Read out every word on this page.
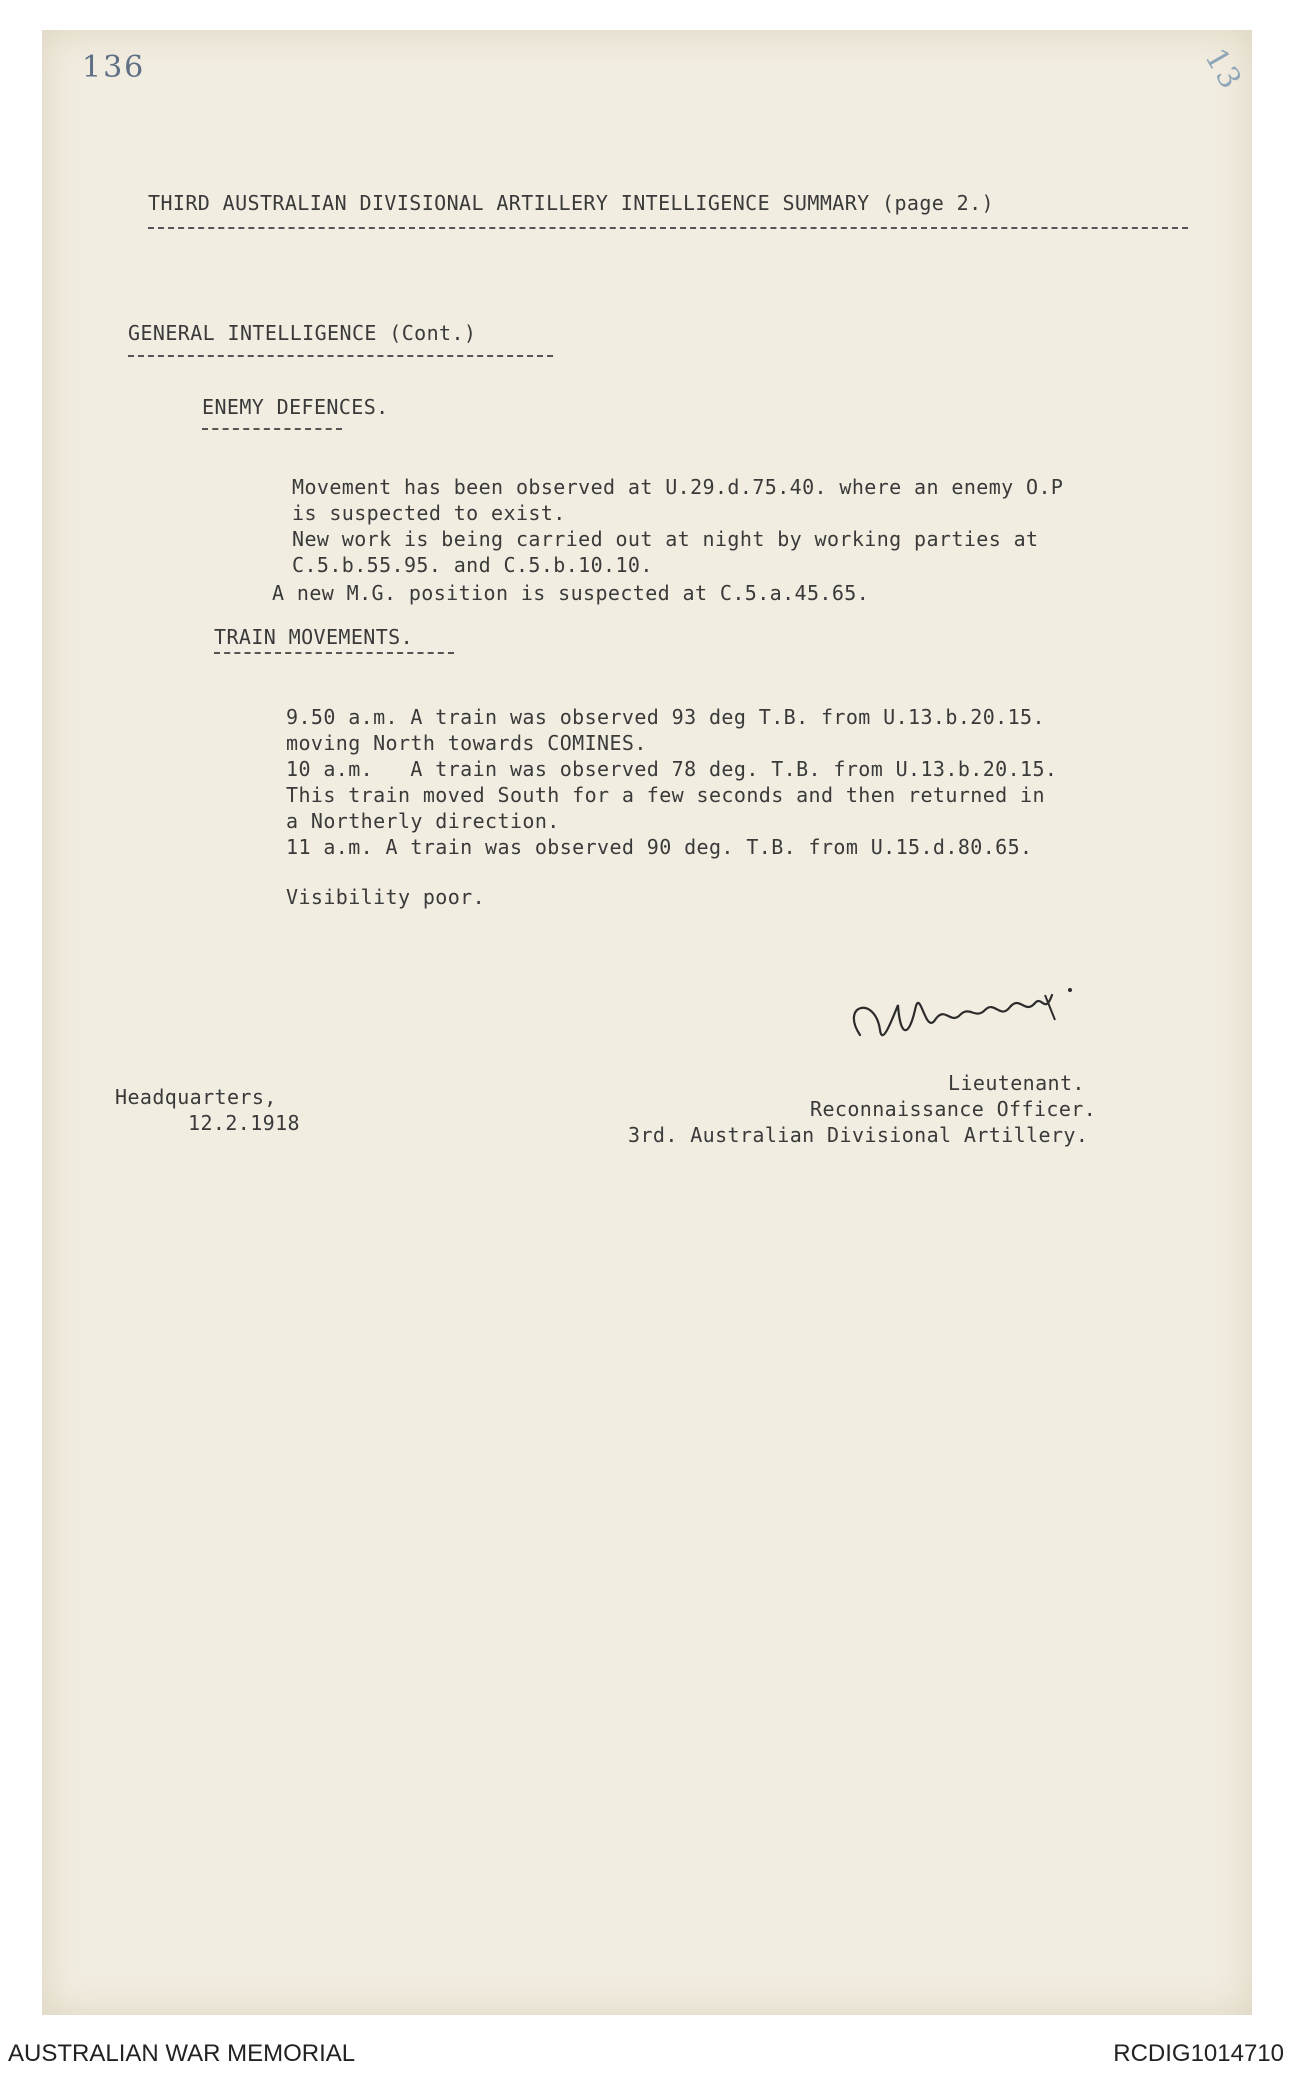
136	13
THIRD AUSTRALIAN DIVISIONAL ARTILLERY INTELLIGENCE SUMMARY (page 2.)
GENERAL INTELLIGENCE (Cont.)
ENEMY DEFENCES.
Movement has been observed at U.29.d.75.40. where an enemy O.P
is suspected to exist.
New work is being carried out at night by working parties at
C.5.b.55.95. and C.5.b.10.10.
A new M.G. position is suspected at C.5.a.45.65.
TRAIN MOVEMENTS.
9.50 a.m. A train was observed 93 deg T.B. from U.13.b.20.15.
moving North towards COMINES.
10 a.m.   A train was observed 78 deg. T.B. from U.13.b.20.15.
This train moved South for a few seconds and then returned in
a Northerly direction.
11 a.m. A train was observed 90 deg. T.B. from U.15.d.80.65.
Visibility poor.
Lieutenant.
Reconnaissance Officer.
3rd. Australian Divisional Artillery.
Headquarters,
12.2.1918
AUSTRALIAN WAR MEMORIAL	RCDIG1014710
